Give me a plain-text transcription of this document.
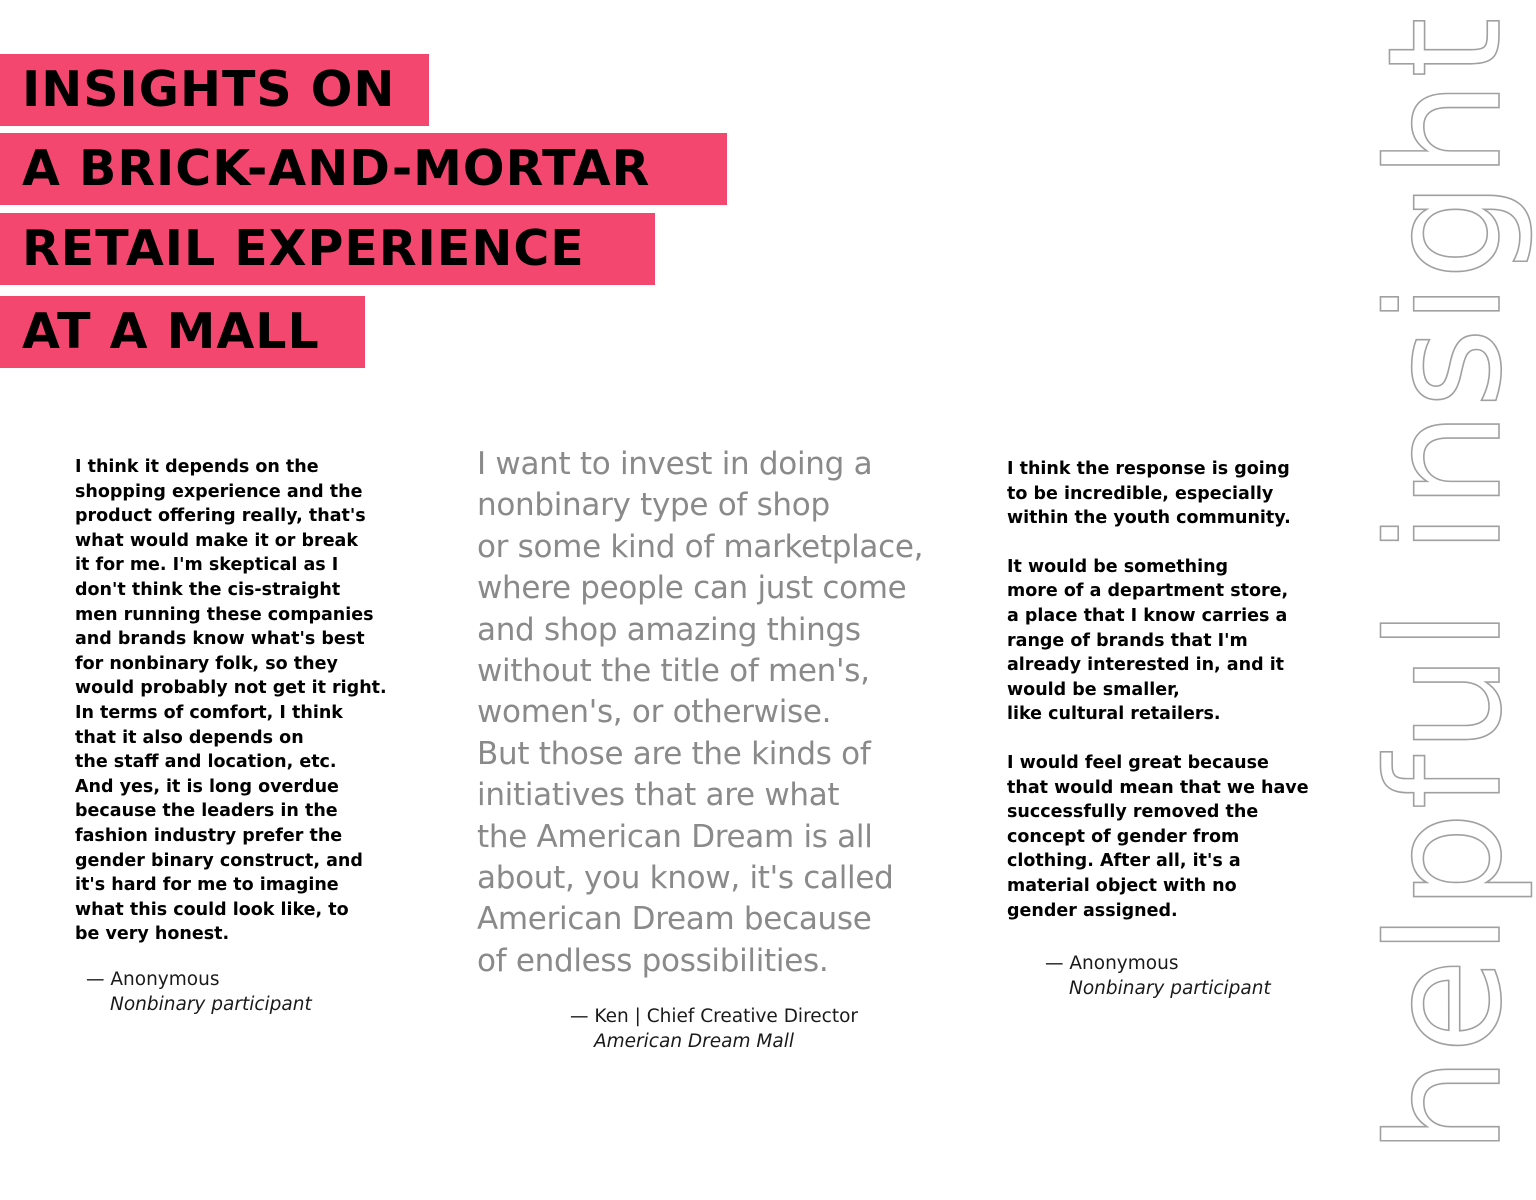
INSIGHTS ON
A BRICK-AND-MORTAR
RETAIL EXPERIENCE
AT A MALL

I think it depends on the
shopping experience and the
product offering really, that's
what would make it or break
it for me. I'm skeptical as I
don't think the cis-straight
men running these companies
and brands know what's best
for nonbinary folk, so they
would probably not get it right.
In terms of comfort, I think
that it also depends on
the staff and location, etc.
And yes, it is long overdue
because the leaders in the
fashion industry prefer the
gender binary construct, and
it's hard for me to imagine
what this could look like, to
be very honest.

— Anonymous
Nonbinary participant

I want to invest in doing a
nonbinary type of shop
or some kind of marketplace,
where people can just come
and shop amazing things
without the title of men's,
women's, or otherwise.
But those are the kinds of
initiatives that are what
the American Dream is all
about, you know, it's called
American Dream because
of endless possibilities.

— Ken | Chief Creative Director
American Dream Mall

I think the response is going
to be incredible, especially
within the youth community.

It would be something
more of a department store,
a place that I know carries a
range of brands that I'm
already interested in, and it
would be smaller,
like cultural retailers.

I would feel great because
that would mean that we have
successfully removed the
concept of gender from
clothing. After all, it's a
material object with no
gender assigned.

— Anonymous
Nonbinary participant helpful insight
